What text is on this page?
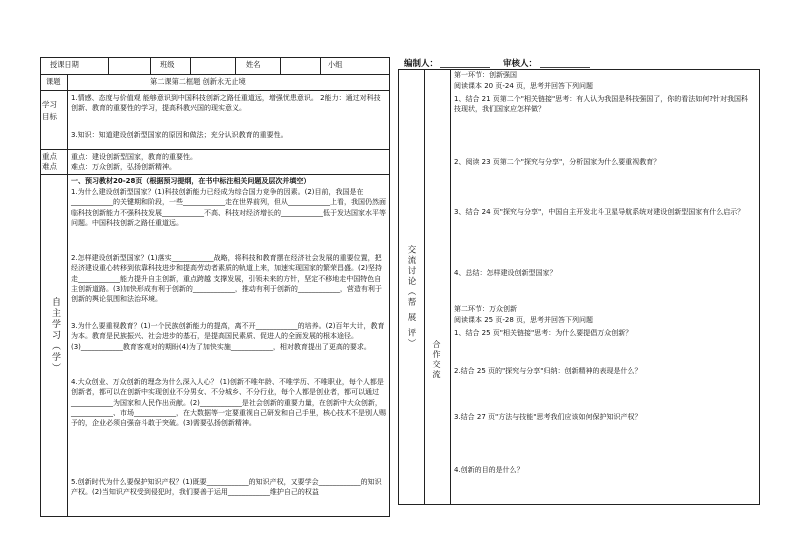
授课日期	班级	姓名	小组
课题	第二课第二框题 创新永无止境
学习目标
1.情感、态度与价值观 能够意识到中国科技创新之路任重道远，增强忧患意识。 2能力：通过对科技创新、教育的重要性的学习，提高科教兴国的现实意义。
3.知识：知道建设创新型国家的原因和做法；充分认识教育的重要性。
重点难点
重点：建设创新型国家，教育的重要性。
难点：万众创新，弘扬创新精神。
自主学习（学）
一、预习教材20-28页（根据预习提纲，在书中标注相关问题及层次并填空）
1.为什么建设创新型国家？(1)科技创新能力已经成为综合国力竞争的因素。(2)目前，我国是在____________的关键期和阶段，一些____________走在世界前列，但从____________上看，我国仍然面临科技创新能力不强科技发展____________不高、科技对经济增长的____________低于发达国家水平等问题。中国科技创新之路任重道远。
2.怎样建设创新型国家？(1)落实____________战略，将科技和教育摆在经济社会发展的重要位置，把经济建设重心转移到依靠科技进步和提高劳动者素质的轨道上来，加速实现国家的繁荣昌盛。(2)坚持走____________能力提升自主创新，重点跨越 支撑发展，引领未来的方针，坚定不移地走中国特色自主创新道路。(3)加快形成有利于创新的____________，推动有利于创新的____________，营造有利于创新的舆论氛围和法治环境。
3.为什么要重视教育？(1)一个民族创新能力的提高，离不开____________的培养。(2)百年大计，教育为本。教育是民族振兴、社会进步的基石，是提高国民素质、促进人的全面发展的根本途径。(3)____________教育客观对的期盼(4)为了加快实施____________，相对教育提出了更高的要求。
4.大众创业、万众创新的理念为什么深入人心？ (1)创新不唯年龄、不唯学历、不唯职业，每个人都是创新者，都可以在创新中实现创业不分男女、不分城乡、不分行业，每个人都是创业者，都可以通过____________为国家和人民作出贡献。(2)____________是社会创新的重要力量，在创新中大众创新，____________、市场____________，在大数据等一定要重视自己研发和自己手里，核心技术不是别人赐予的，企业必须自强奋斗敢于突破。(3)需要弘扬创新精神。
5.创新时代为什么要保护知识产权？(1)既要____________的知识产权，又要学会____________的知识产权。(2)当知识产权受到侵犯时，我们要善于运用____________维护自己的权益
编制人：	审核人：
交流讨论（帮 展 评）
合作交流
第一环节：创新强国
阅读课本 20 页-24 页，思考并回答下列问题
1、结合 21 页第二个"相关链接"思考：有人认为我国是科技强国了，你的看法如何?针对我国科技现状，我们国家应怎样做？
2、阅读 23 页第二个"探究与分享"，分析国家为什么要重视教育？
3、结合 24 页"探究与分享"，中国自主开发北斗卫星导航系统对建设创新型国家有什么启示？
4、总结：怎样建设创新型国家？
第二环节：万众创新
阅读课本 25 页-28 页，思考并回答下列问题
1、结合 25 页"相关链接"思考：为什么要提倡万众创新？
2.结合 25 页的"探究与分享"归纳：创新精神的表现是什么？
3.结合 27 页"方法与技能"思考我们应该如何保护知识产权？
4.创新的目的是什么？
